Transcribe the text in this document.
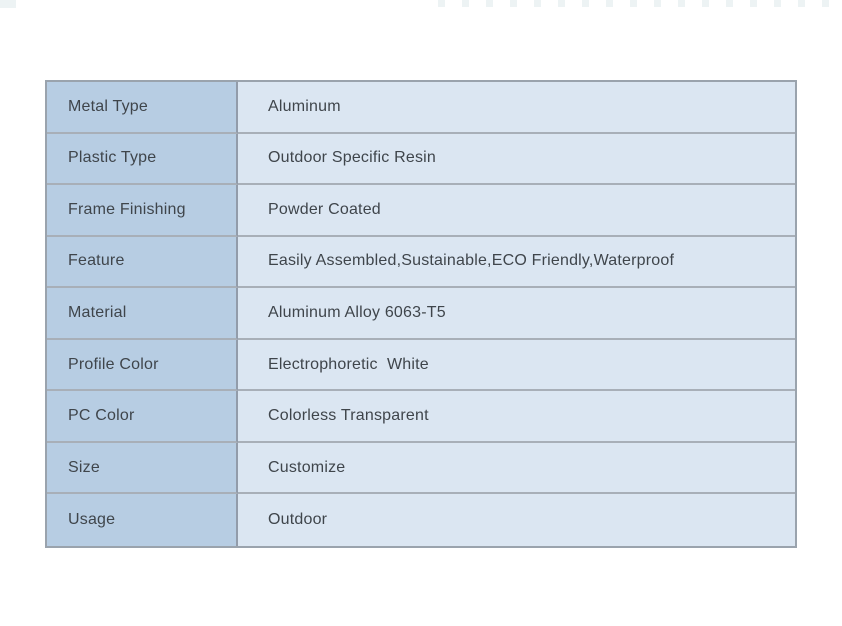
Metal Type	Aluminum
Plastic Type	Outdoor Specific Resin
Frame Finishing	Powder Coated
Feature	Easily Assembled,Sustainable,ECO Friendly,Waterproof
Material	Aluminum Alloy 6063-T5
Profile Color	Electrophoretic  White
PC Color	Colorless Transparent
Size	Customize
Usage	Outdoor
